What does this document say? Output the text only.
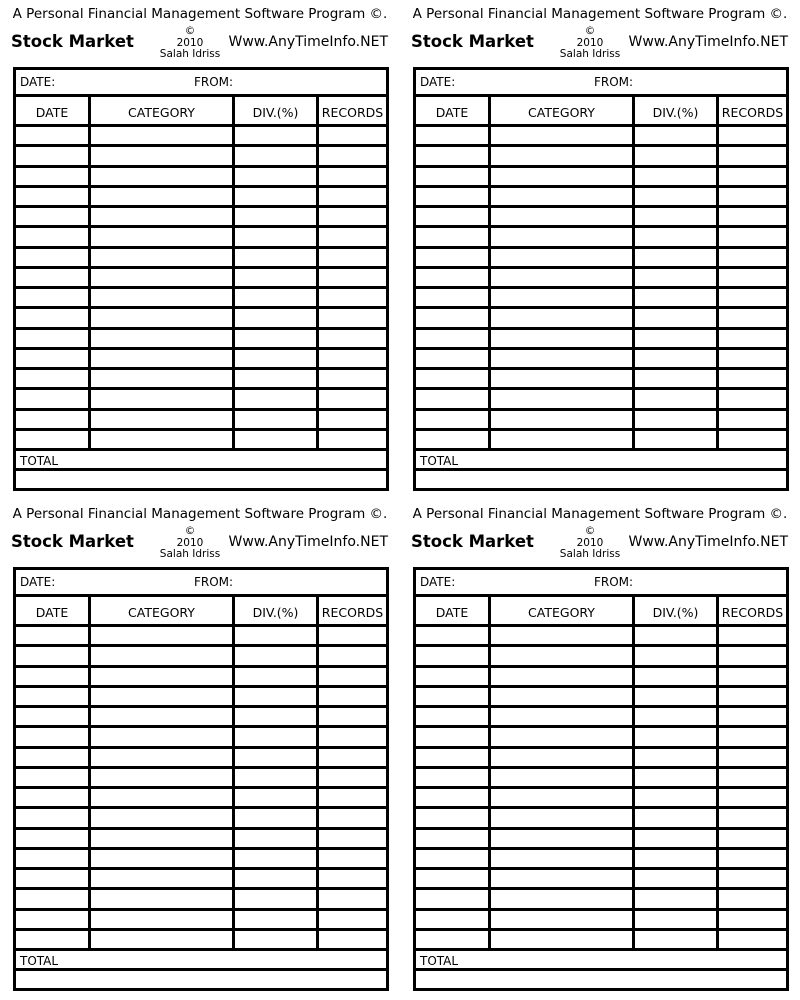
A Personal Financial Management Software Program ©.
Stock Market
©
2010
Salah Idriss
Www.AnyTimeInfo.NET
DATE:	FROM:
DATE	CATEGORY	DIV.(%)	RECORDS
TOTAL
A Personal Financial Management Software Program ©.
Stock Market
©
2010
Salah Idriss
Www.AnyTimeInfo.NET
DATE:	FROM:
DATE	CATEGORY	DIV.(%)	RECORDS
TOTAL
A Personal Financial Management Software Program ©.
Stock Market
©
2010
Salah Idriss
Www.AnyTimeInfo.NET
DATE:	FROM:
DATE	CATEGORY	DIV.(%)	RECORDS
TOTAL
A Personal Financial Management Software Program ©.
Stock Market
©
2010
Salah Idriss
Www.AnyTimeInfo.NET
DATE:	FROM:
DATE	CATEGORY	DIV.(%)	RECORDS
TOTAL
